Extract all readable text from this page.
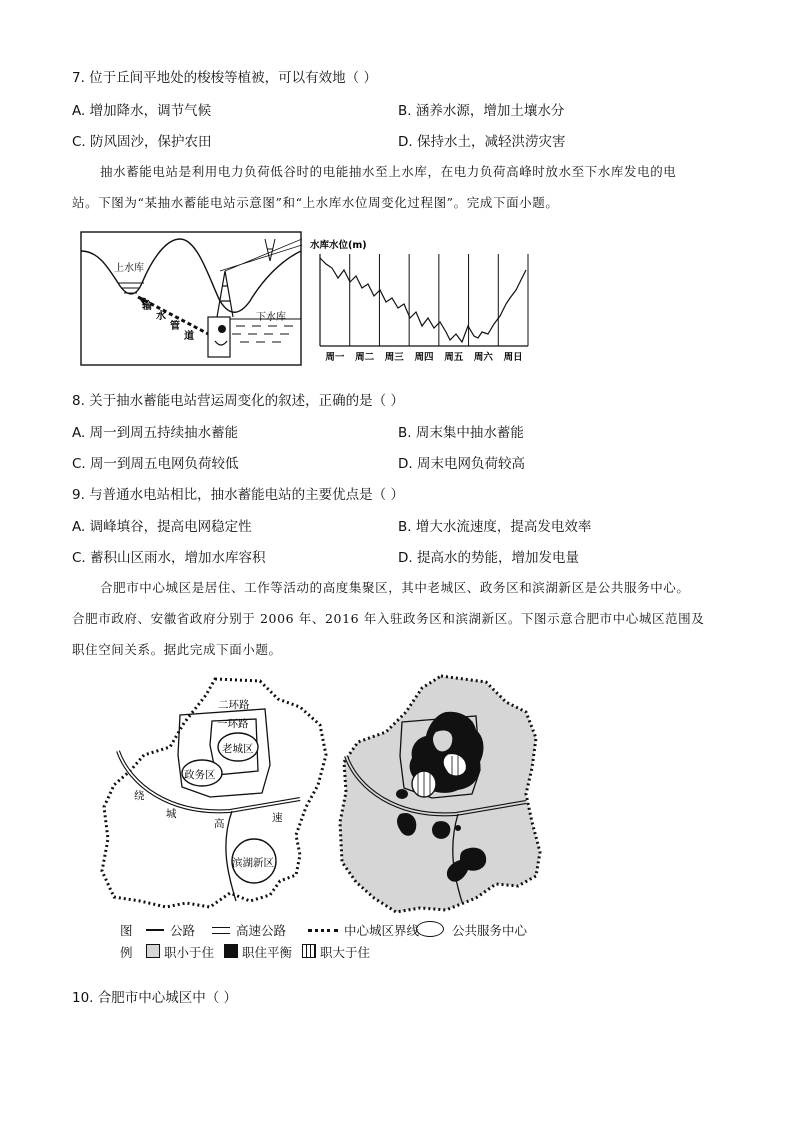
7. 位于丘间平地处的梭梭等植被，可以有效地（ ）
A. 增加降水，调节气候	B. 涵养水源，增加土壤水分
C. 防风固沙，保护农田	D. 保持水土，减轻洪涝灾害
抽水蓄能电站是利用电力负荷低谷时的电能抽水至上水库，在电力负荷高峰时放水至下水库发电的电
站。下图为“某抽水蓄能电站示意图”和“上水库水位周变化过程图”。完成下面小题。
上水库
下水库
输
水
管
道
水库水位(m)
周一 周二 周三 周四 周五 周六 周日
8. 关于抽水蓄能电站营运周变化的叙述，正确的是（ ）
A. 周一到周五持续抽水蓄能	B. 周末集中抽水蓄能
C. 周一到周五电网负荷较低	D. 周末电网负荷较高
9. 与普通水电站相比，抽水蓄能电站的主要优点是（ ）
A. 调峰填谷，提高电网稳定性	B. 增大水流速度，提高发电效率
C. 蓄积山区雨水，增加水库容积	D. 提高水的势能，增加发电量
合肥市中心城区是居住、工作等活动的高度集聚区，其中老城区、政务区和滨湖新区是公共服务中心。
合肥市政府、安徽省政府分别于 2006 年、2016 年入驻政务区和滨湖新区。下图示意合肥市中心城区范围及
职住空间关系。据此完成下面小题。
二环路
一环路
老城区
政务区
滨湖新区
绕
城
高	速
图
例
公路	高速公路	中心城区界线	公共服务中心
职小于住 职住平衡 职大于住
10. 合肥市中心城区中（ ）
